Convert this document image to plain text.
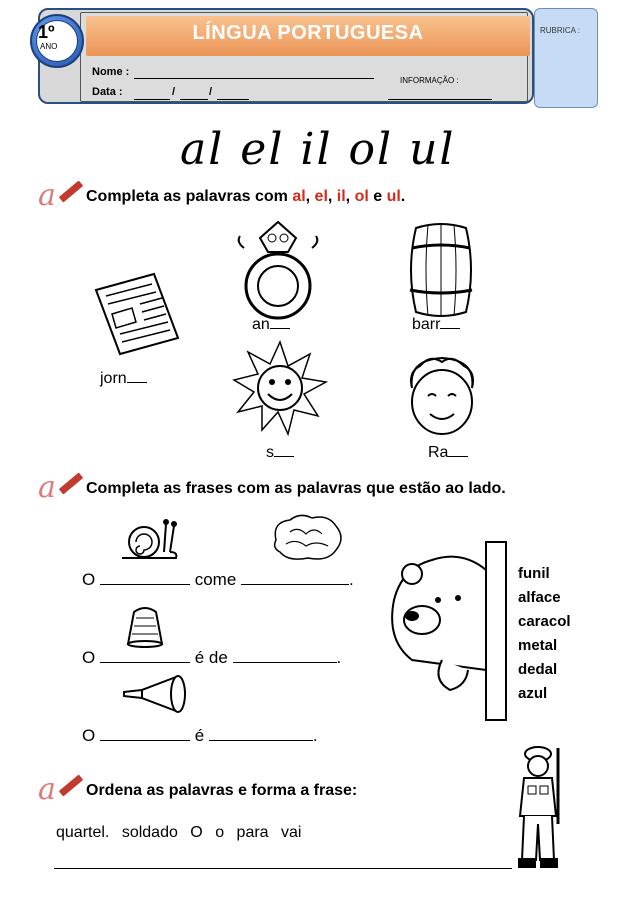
LÍNGUA PORTUGUESA	RUBRICA :
1º
ANO
Nome :
Data :	/	/
INFORMAÇÃO :
al el il ol ul
a Completa as palavras com al, el, il, ol e ul.
an	barr
jorn
s	Ra
a Completa as frases com as palavras que estão ao lado.
O	come	.
O	é de	.
O	é	.
funil
alface
caracol
metal
dedal
azul
a Ordena as palavras e forma a frase:
quartel. soldado O o para vai
